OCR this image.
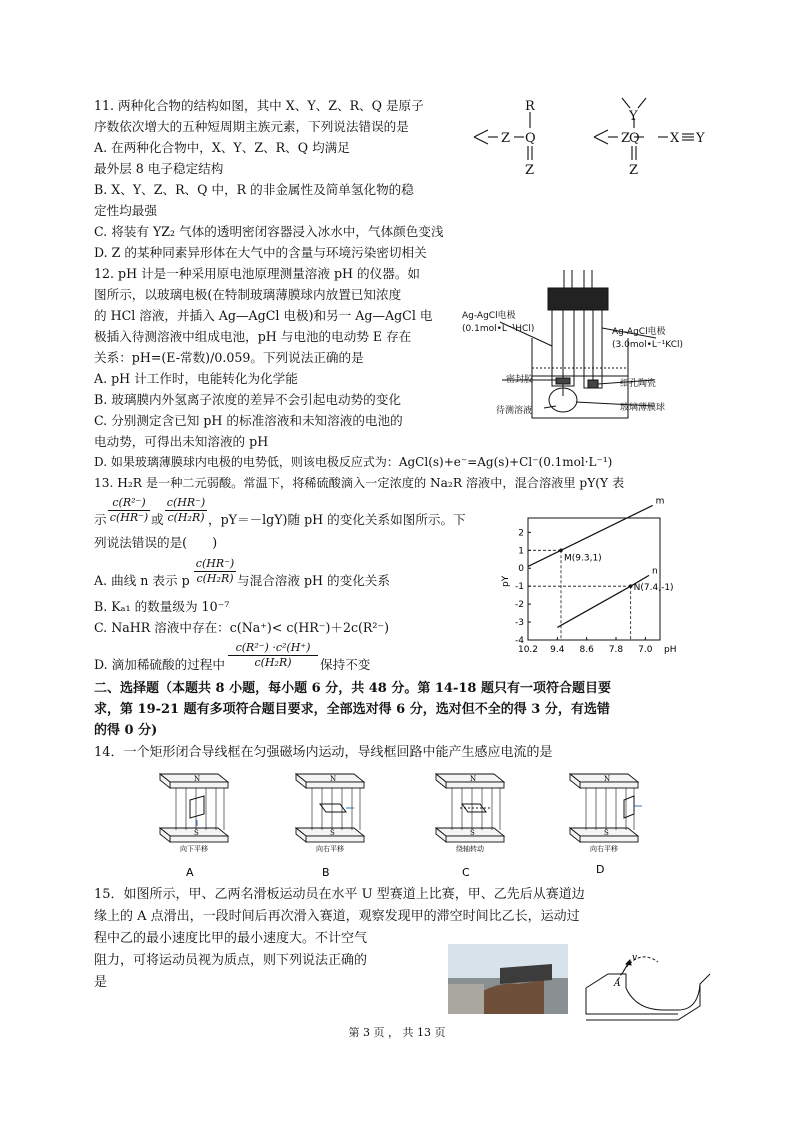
11. 两种化合物的结构如图，其中 X、Y、Z、R、Q 是原子
序数依次增大的五种短周期主族元素，下列说法错误的是
A. 在两种化合物中，X、Y、Z、R、Q 均满足
最外层 8 电子稳定结构
B. X、Y、Z、R、Q 中，R 的非金属性及简单氢化物的稳
定性均最强
C. 将装有 YZ₂ 气体的透明密闭容器浸入冰水中，气体颜色变浅
D. Z 的某种同素异形体在大气中的含量与环境污染密切相关
Z
R
Q
Z
Z
Y
Q
Z
X Y
12. pH 计是一种采用原电池原理测量溶液 pH 的仪器。如
图所示，以玻璃电极(在特制玻璃薄膜球内放置已知浓度
的 HCl 溶液，并插入 Ag—AgCl 电极)和另一 Ag—AgCl 电
极插入待测溶液中组成电池，pH 与电池的电动势 E 存在
关系：pH=(E-常数)/0.059。下列说法正确的是
A. pH 计工作时，电能转化为化学能
B. 玻璃膜内外氢离子浓度的差异不会引起电动势的变化
C. 分别测定含已知 pH 的标准溶液和未知溶液的电池的
电动势，可得出未知溶液的 pH
D. 如果玻璃薄膜球内电极的电势低，则该电极反应式为：AgCl(s)+e⁻=Ag(s)+Cl⁻(0.1mol·L⁻¹)
Ag-AgCl电极
(0.1mol•L⁻¹HCl)	Ag-AgCl电极
(3.0mol•L⁻¹KCl)
密封胶	细孔陶瓷
待测溶液	玻璃薄膜球
13. H₂R 是一种二元弱酸。常温下，将稀硫酸滴入一定浓度的 Na₂R 溶液中，混合溶液里 pY(Y 表
示 $\frac{\text{c(R²⁻)}}{c(HR^-)}$ 或 $\frac{c(HR^-)}{\text{c(H₂R)}}$ ，pY＝－lgY)随 pH 的变化关系如图所示。下
列说法错误的是(　　)
A. 曲线 n 表示 p $\frac{c(HR^-)}{\text{c(H₂R)}}$ 与混合溶液 pH 的变化关系
B. Kₐ₁ 的数量级为 10⁻⁷
C. NaHR 溶液中存在：c(Na⁺)< c(HR⁻)＋2c(R²⁻)
D. 滴加稀硫酸的过程中 $\frac{\text{c(R²⁻) ·c²(H⁺)}}{\text{c(H₂R)}}$ 保持不变
2
1
0
-1
-2
-3
-4
10.2 9.4 8.6 7.8 7.0 pH
pY
m
n
M(9.3,1)
N(7.4,-1)
二、选择题（本题共 8 小题，每小题 6 分，共 48 分。第 14-18 题只有一项符合题目要
求，第 19-21 题有多项符合题目要求，全部选对得 6 分，选对但不全的得 3 分，有选错
的得 0 分)
14．一个矩形闭合导线框在匀强磁场内运动，导线框回路中能产生感应电流的是
N
S
向下平移
A
N
S
向右平移
B
N
S
绕轴转动
C
N
S
向右平移
D
15．如图所示，甲、乙两名滑板运动员在水平 U 型赛道上比赛，甲、乙先后从赛道边
缘上的 A 点滑出，一段时间后再次滑入赛道，观察发现甲的滞空时间比乙长，运动过
程中乙的最小速度比甲的最小速度大。不计空气
阻力，可将运动员视为质点，则下列说法正确的
是
v
A
第 3 页 ， 共 13 页
